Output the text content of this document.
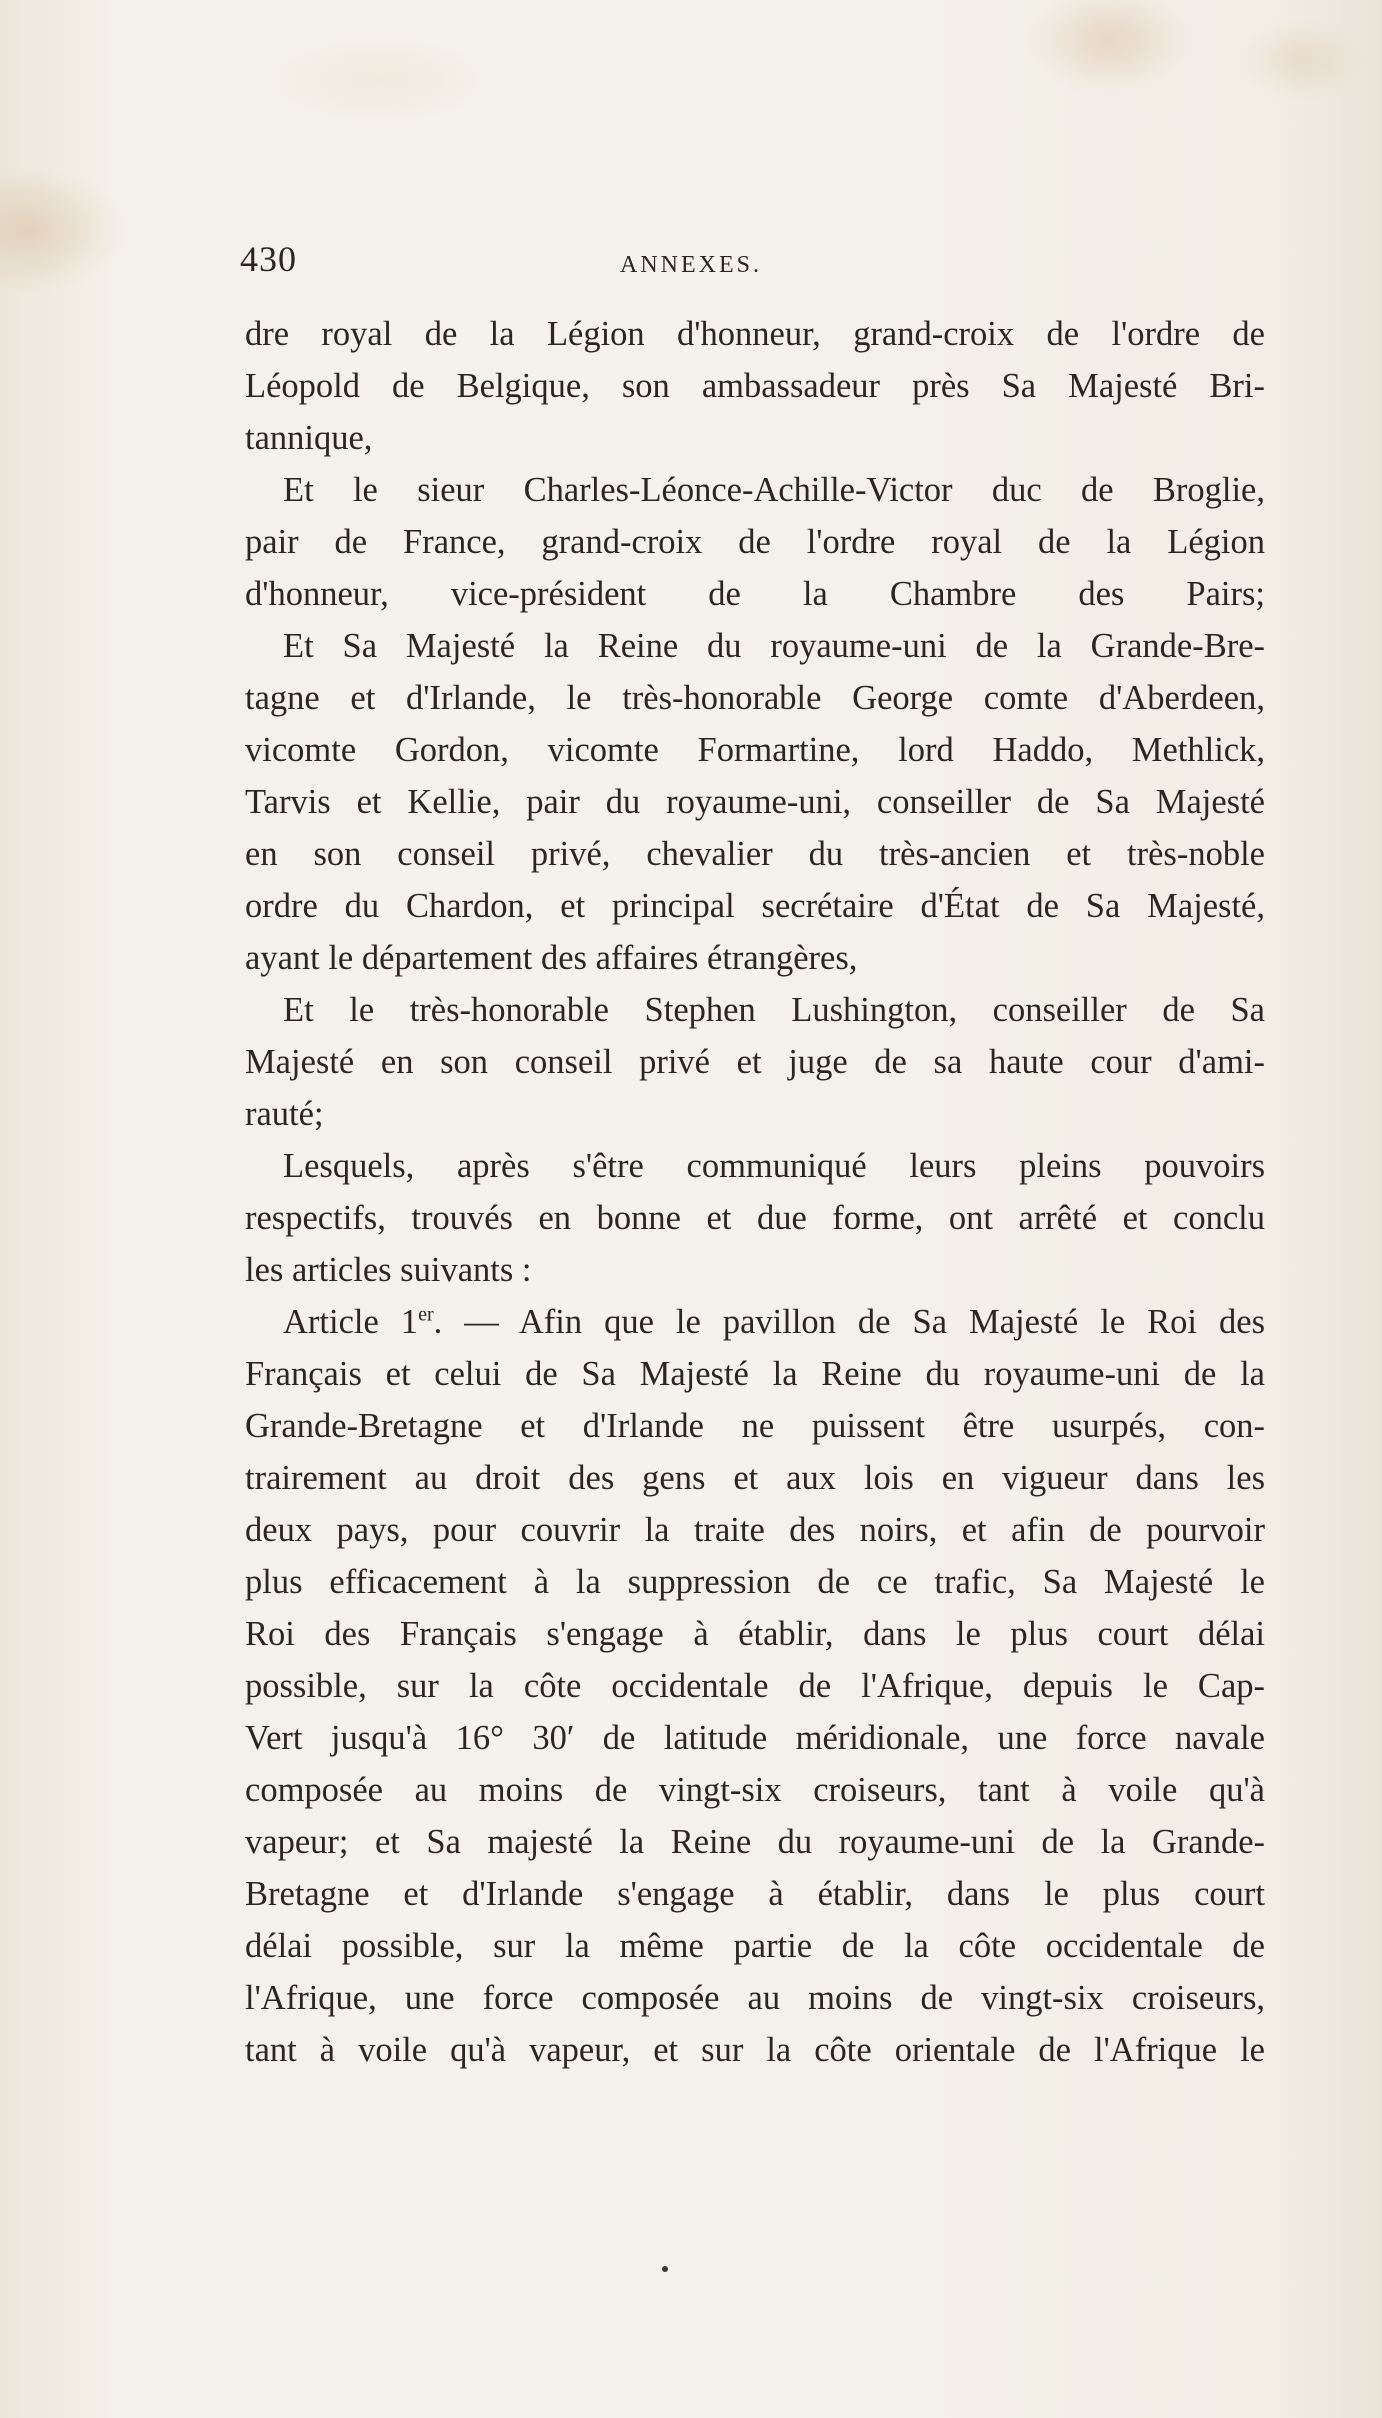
430	ANNEXES.
dre royal de la Légion d'honneur, grand-croix de l'ordre de
Léopold de Belgique, son ambassadeur près Sa Majesté Bri-
tannique,
Et le sieur Charles-Léonce-Achille-Victor duc de Broglie,
pair de France, grand-croix de l'ordre royal de la Légion
d'honneur, vice-président de la Chambre des Pairs;
Et Sa Majesté la Reine du royaume-uni de la Grande-Bre-
tagne et d'Irlande, le très-honorable George comte d'Aberdeen,
vicomte Gordon, vicomte Formartine, lord Haddo, Methlick,
Tarvis et Kellie, pair du royaume-uni, conseiller de Sa Majesté
en son conseil privé, chevalier du très-ancien et très-noble
ordre du Chardon, et principal secrétaire d'État de Sa Majesté,
ayant le département des affaires étrangères,
Et le très-honorable Stephen Lushington, conseiller de Sa
Majesté en son conseil privé et juge de sa haute cour d'ami-
rauté;
Lesquels, après s'être communiqué leurs pleins pouvoirs
respectifs, trouvés en bonne et due forme, ont arrêté et conclu
les articles suivants :
Article 1er. — Afin que le pavillon de Sa Majesté le Roi des
Français et celui de Sa Majesté la Reine du royaume-uni de la
Grande-Bretagne et d'Irlande ne puissent être usurpés, con-
trairement au droit des gens et aux lois en vigueur dans les
deux pays, pour couvrir la traite des noirs, et afin de pourvoir
plus efficacement à la suppression de ce trafic, Sa Majesté le
Roi des Français s'engage à établir, dans le plus court délai
possible, sur la côte occidentale de l'Afrique, depuis le Cap-
Vert jusqu'à 16° 30′ de latitude méridionale, une force navale
composée au moins de vingt-six croiseurs, tant à voile qu'à
vapeur; et Sa majesté la Reine du royaume-uni de la Grande-
Bretagne et d'Irlande s'engage à établir, dans le plus court
délai possible, sur la même partie de la côte occidentale de
l'Afrique, une force composée au moins de vingt-six croiseurs,
tant à voile qu'à vapeur, et sur la côte orientale de l'Afrique le
